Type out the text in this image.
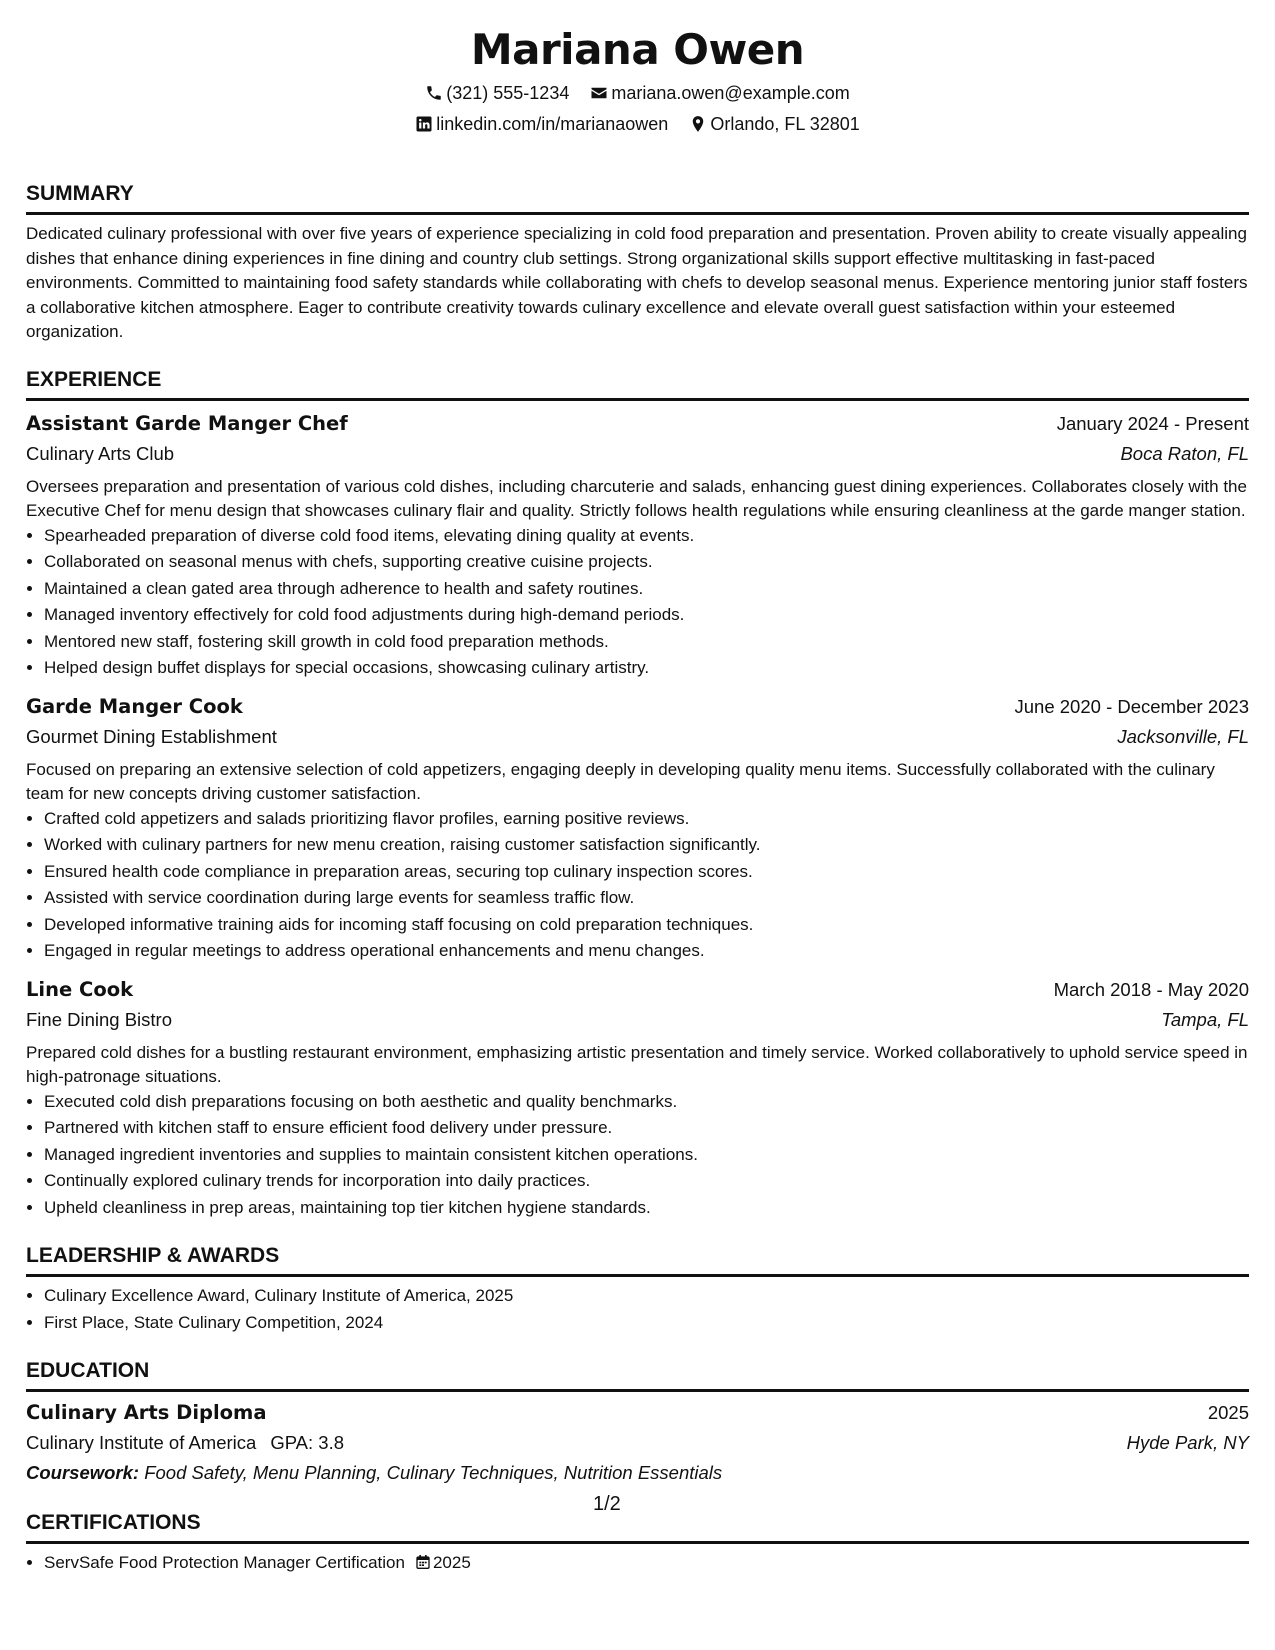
Mariana Owen
(321) 555-1234 mariana.owen@example.com
linkedin.com/in/marianaowen Orlando, FL 32801
SUMMARY
Dedicated culinary professional with over five years of experience specializing in cold food preparation and presentation. Proven ability to create visually appealing dishes that enhance dining experiences in fine dining and country club settings. Strong organizational skills support effective multitasking in fast-paced environments. Committed to maintaining food safety standards while collaborating with chefs to develop seasonal menus. Experience mentoring junior staff fosters a collaborative kitchen atmosphere. Eager to contribute creativity towards culinary excellence and elevate overall guest satisfaction within your esteemed organization.
EXPERIENCE
Assistant Garde Manger Chef	January 2024 - Present
Culinary Arts Club	Boca Raton, FL
Oversees preparation and presentation of various cold dishes, including charcuterie and salads, enhancing guest dining experiences. Collaborates closely with the Executive Chef for menu design that showcases culinary flair and quality. Strictly follows health regulations while ensuring cleanliness at the garde manger station.
• Spearheaded preparation of diverse cold food items, elevating dining quality at events.
• Collaborated on seasonal menus with chefs, supporting creative cuisine projects.
• Maintained a clean gated area through adherence to health and safety routines.
• Managed inventory effectively for cold food adjustments during high-demand periods.
• Mentored new staff, fostering skill growth in cold food preparation methods.
• Helped design buffet displays for special occasions, showcasing culinary artistry.
Garde Manger Cook	June 2020 - December 2023
Gourmet Dining Establishment	Jacksonville, FL
Focused on preparing an extensive selection of cold appetizers, engaging deeply in developing quality menu items. Successfully collaborated with the culinary team for new concepts driving customer satisfaction.
• Crafted cold appetizers and salads prioritizing flavor profiles, earning positive reviews.
• Worked with culinary partners for new menu creation, raising customer satisfaction significantly.
• Ensured health code compliance in preparation areas, securing top culinary inspection scores.
• Assisted with service coordination during large events for seamless traffic flow.
• Developed informative training aids for incoming staff focusing on cold preparation techniques.
• Engaged in regular meetings to address operational enhancements and menu changes.
Line Cook	March 2018 - May 2020
Fine Dining Bistro	Tampa, FL
Prepared cold dishes for a bustling restaurant environment, emphasizing artistic presentation and timely service. Worked collaboratively to uphold service speed in high-patronage situations.
• Executed cold dish preparations focusing on both aesthetic and quality benchmarks.
• Partnered with kitchen staff to ensure efficient food delivery under pressure.
• Managed ingredient inventories and supplies to maintain consistent kitchen operations.
• Continually explored culinary trends for incorporation into daily practices.
• Upheld cleanliness in prep areas, maintaining top tier kitchen hygiene standards.
LEADERSHIP & AWARDS
• Culinary Excellence Award, Culinary Institute of America, 2025
• First Place, State Culinary Competition, 2024
EDUCATION
Culinary Arts Diploma	2025
Culinary Institute of America GPA: 3.8	Hyde Park, NY
Coursework: Food Safety, Menu Planning, Culinary Techniques, Nutrition Essentials
CERTIFICATIONS
• ServSafe Food Protection Manager Certification 2025
1/2
